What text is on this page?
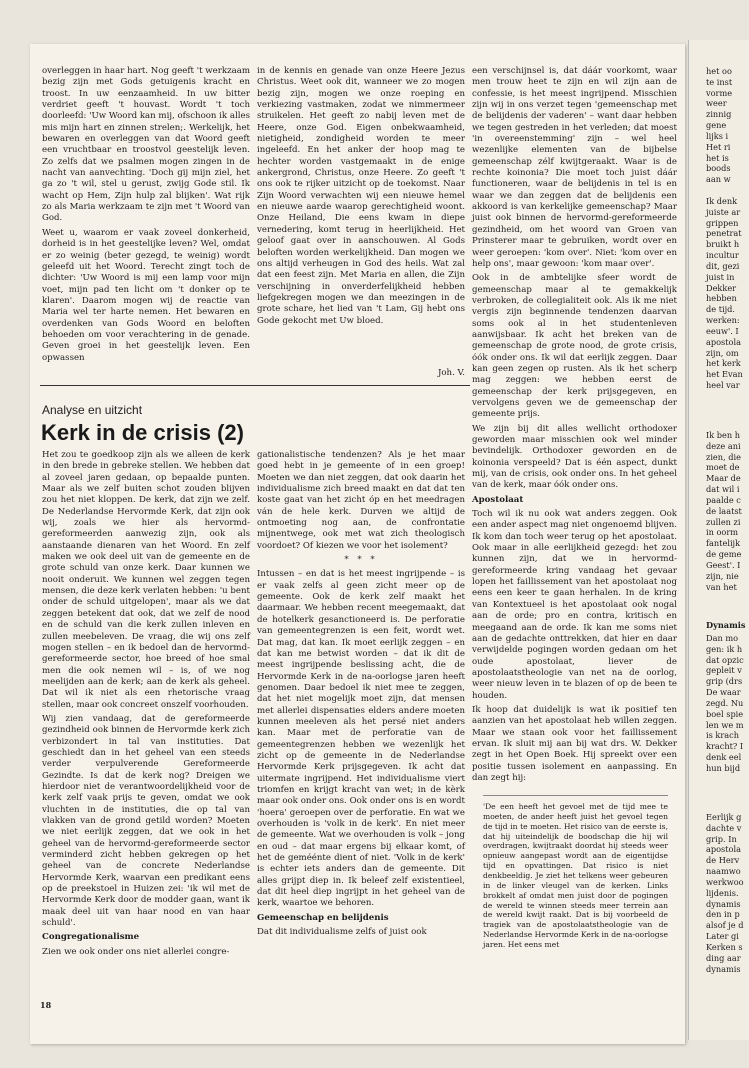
overleggen in haar hart. Nog geeft 't werkzaam bezig zijn met Gods getuigenis kracht en troost. In uw eenzaamheid. In uw bitter verdriet geeft 't houvast. Wordt 't toch doorleefd: 'Uw Woord kan mij, ofschoon ik alles mis mijn hart en zinnen strelen;. Werkelijk, het bewaren en overleggen van dat Woord geeft een vruchtbaar en troostvol geestelijk leven. Zo zelfs dat we psalmen mogen zingen in de nacht van aanvechting. 'Doch gij mijn ziel, het ga zo 't wil, stel u gerust, zwijg Gode stil. Ik wacht op Hem, Zijn hulp zal blijken'. Wat rijk zo als Maria werkzaam te zijn met 't Woord van God.

Weet u, waarom er vaak zoveel donkerheid, dorheid is in het geestelijke leven? Wel, omdat er zo weinig (beter gezegd, te weinig) wordt geleefd uit het Woord. Terecht zingt toch de dichter: 'Uw Woord is mij een lamp voor mijn voet, mijn pad ten licht om 't donker op te klaren'. Daarom mogen wij de reactie van Maria wel ter harte nemen. Het bewaren en overdenken van Gods Woord en beloften behoeden om voor verachtering in de genade. Geven groei in het geestelijk leven. Een opwassen

in de kennis en genade van onze Heere Jezus Christus. Weet ook dit, wanneer we zo mogen bezig zijn, mogen we onze roeping en verkiezing vastmaken, zodat we nimmermeer struikelen. Het geeft zo nabij leven met de Heere, onze God. Eigen onbekwaamheid, nietigheid, zondigheid worden te meer ingeleefd. En het anker der hoop mag te hechter worden vastgemaakt in de enige ankergrond, Christus, onze Heere. Zo geeft 't ons ook te rijker uitzicht op de toekomst. Naar Zijn Woord verwachten wij een nieuwe hemel en nieuwe aarde waarop gerechtigheid woont. Onze Heiland, Die eens kwam in diepe vernedering, komt terug in heerlijkheid. Het geloof gaat over in aanschouwen. Al Gods beloften worden werkelijkheid. Dan mogen we ons altijd verheugen in God des heils. Wat zal dat een feest zijn. Met Maria en allen, die Zijn verschijning in onverderfelijkheid hebben liefgekregen mogen we dan meezingen in de grote schare, het lied van 't Lam, Gij hebt ons Gode gekocht met Uw bloed.

Joh. V.
Analyse en uitzicht
Kerk in de crisis (2)

Het zou te goedkoop zijn als we alleen de kerk in den brede in gebreke stellen. We hebben dat al zoveel jaren gedaan, op bepaalde punten. Maar als we zelf buiten schot zouden blijven zou het niet kloppen. De kerk, dat zijn we zelf. De Nederlandse Hervormde Kerk, dat zijn ook wij, zoals we hier als hervormd-gereformeerden aanwezig zijn, ook als aanstaande dienaren van het Woord. En zelf maken we ook deel uit van de gemeente en de grote schuld van onze kerk. Daar kunnen we nooit onderuit. We kunnen wel zeggen tegen mensen, die deze kerk verlaten hebben: 'u bent onder de schuld uitgelopen', maar als we dat zeggen betekent dat ook, dat we zelf de nood en de schuld van die kerk zullen inleven en zullen meebeleven. De vraag, die wij ons zelf mogen stellen – en ik bedoel dan de hervormd-gereformeerde sector, hoe breed of hoe smal men die ook nemen wil – is, of we nog meelijden aan de kerk; aan de kerk als geheel. Dat wil ik niet als een rhetorische vraag stellen, maar ook concreet onszelf voorhouden.

Wij zien vandaag, dat de gereformeerde gezindheid ook binnen de Hervormde kerk zich verbizondert in tal van instituties. Dat geschiedt dan in het geheel van een steeds verder verpulverende Gereformeerde Gezindte. Is dat de kerk nog? Dreigen we hierdoor niet de verantwoordelijkheid voor de kerk zelf vaak prijs te geven, omdat we ook vluchten in de instituties, die op tal van vlakken van de grond getild worden? Moeten we niet eerlijk zeggen, dat we ook in het geheel van de hervormd-gereformeerde sector verminderd zicht hebben gekregen op het geheel van de concrete Nederlandse Hervormde Kerk, waarvan een predikant eens op de preekstoel in Huizen zei: 'ik wil met de Hervormde Kerk door de modder gaan, want ik maak deel uit van haar nood en van haar schuld'.

Congregationalisme

Zien we ook onder ons niet allerlei congre-

gationalistische tendenzen? Als je het maar goed hebt in je gemeente of in een groep! Moeten we dan niet zeggen, dat ook daarin het individualisme zich breed maakt en dat dat ten koste gaat van het zicht óp en het meedragen ván de hele kerk. Durven we altijd de ontmoeting nog aan, de confrontatie mijnentwege, ook met wat zich theologisch voordoet? Of kiezen we voor het isolement?

* * *

Intussen – en dat is het meest ingrijpende – is er vaak zelfs al geen zicht meer op de gemeente. Ook de kerk zelf maakt het daarmaar. We hebben recent meegemaakt, dat de hotelkerk gesanctioneerd is. De perforatie van gemeentegrenzen is een feit, wordt wet. Dat mag, dat kan. Ik moet eerlijk zeggen – en dat kan me betwist worden – dat ik dit de meest ingrijpende beslissing acht, die de Hervormde Kerk in de na-oorlogse jaren heeft genomen. Daar bedoel ik niet mee te zeggen, dat het niet mogelijk moet zijn, dat mensen met allerlei dispensaties elders andere moeten kunnen meeleven als het persé niet anders kan. Maar met de perforatie van de gemeentegrenzen hebben we wezenlijk het zicht op de gemeente in de Nederlandse Hervormde Kerk prijsgegeven. Ik acht dat uitermate ingrijpend. Het individualisme viert triomfen en krijgt kracht van wet; in de kèrk maar ook onder ons. Ook onder ons is en wordt 'hoera' geroepen over de perforatie. En wat we overhouden is 'volk in de kerk'. En niet meer de gemeente. Wat we overhouden is volk – jong en oud – dat maar ergens bij elkaar komt, of het de geméénte dient of niet. 'Volk in de kerk' is echter iets anders dan de gemeente. Dit alles grijpt diep in. Ik beleef zelf existentieel, dat dit heel diep ingrijpt in het geheel van de kerk, waartoe we behoren.

Gemeenschap en belijdenis

Dat dit individualisme zelfs of juist ook

een verschijnsel is, dat dáár voorkomt, waar men trouw heet te zijn en wil zijn aan de confessie, is het meest ingrijpend. Misschien zijn wij in ons verzet tegen 'gemeenschap met de belijdenis der vaderen' – want daar hebben we tegen gestreden in het verleden; dat moest 'in overeenstemming' zijn – wel heel wezenlijke elementen van de bijbelse gemeenschap zélf kwijtgeraakt. Waar is de rechte koinonia? Die moet toch juist dáár functioneren, waar de belijdenis in tel is en waar we dan zeggen dat de belijdenis een akkoord is van kerkelijke gemeenschap? Maar juist ook binnen de hervormd-gereformeerde gezindheid, om het woord van Groen van Prinsterer maar te gebruiken, wordt over en weer geroepen: 'kom over'. Niet: 'kom over en help ons', maar gewoon: 'kom maar over'.

Ook in de ambtelijke sfeer wordt de gemeenschap maar al te gemakkelijk verbroken, de collegialiteit ook. Als ik me niet vergis zijn beginnende tendenzen daarvan soms ook al in het studentenleven aanwijsbaar. Ik acht het breken van de gemeenschap de grote nood, de grote crisis, óók onder ons. Ik wil dat eerlijk zeggen. Daar kan geen zegen op rusten. Als ik het scherp mag zeggen: we hebben eerst de gemeenschap der kerk prijsgegeven, en vervolgens geven we de gemeenschap der gemeente prijs.

We zijn bij dit alles wellicht orthodoxer geworden maar misschien ook wel minder bevindelijk. Orthodoxer geworden en de koinonia verspeeld? Dat is één aspect, dunkt mij, van de crisis, ook onder ons. In het geheel van de kerk, maar óók onder ons.

Apostolaat

Toch wil ik nu ook wat anders zeggen. Ook een ander aspect mag niet ongenoemd blijven. Ik kom dan toch weer terug op het apostolaat. Ook maar in alle eerlijkheid gezegd: het zou kunnen zijn, dat we in hervormd-gereformeerde kring vandaag het gevaar lopen het faillissement van het apostolaat nog eens een keer te gaan herhalen. In de kring van Kontextueel is het apostolaat ook nogal aan de orde; pro en contra, kritisch en meegaand aan de orde. Ik kan me soms niet aan de gedachte onttrekken, dat hier en daar verwijdelde pogingen worden gedaan om het oude apostolaat, liever de apostolaatstheologie van net na de oorlog, weer nieuw leven in te blazen of op de been te houden.

Ik hoop dat duidelijk is wat ik positief ten aanzien van het apostolaat heb willen zeggen. Maar we staan ook voor het faillissement ervan. Ik sluit mij aan bij wat drs. W. Dekker zegt in het Open Boek. Hij spreekt over een positie tussen isolement en aanpassing. En dan zegt hij:

'De een heeft het gevoel met de tijd mee te moeten, de ander heeft juist het gevoel tegen de tijd in te moeten. Het risico van de eerste is, dat hij uiteindelijk de boodschap die hij wil overdragen, kwijtraakt doordat hij steeds weer opnieuw aangepast wordt aan de eigentijdse tijd en opvattingen. Dat risico is niet denkbeeldig. Je ziet het telkens weer gebeuren in de linker vleugel van de kerken. Links brokkelt af omdat men juist door de pogingen de wereld te winnen steeds meer terrein aan de wereld kwijt raakt. Dat is bij voorbeeld de tragiek van de apostolaatstheologie van de Nederlandse Hervormde Kerk in de na-oorlogse jaren. Het eens met
18
het oo
te inst
vorme
weer
zinnig
gene
lijks i
Het ri
het is
boods
aan w
Ik denk
juiste ar
grippen
penetrat
bruikt h
incultur
dit, gezi
juist in
Dekker
hebben
de tijd.
werken:
eeuw'. I
apostola
zijn, om
het kerk
het Evan
heel var
Ik ben h
deze ani
zien, die
moet de
Maar de
dat wil i
paalde c
de laatst
zullen zi
in oorm
fantelijk
de geme
Geest'. I
zijn, nie
van het
Dynamis
Dan mo
gen: ik h
dat opzic
gepleit v
grip (drs
De waar
zegd. Nu
boel spie
len we m
is krach
kracht? I
denk eel
hun bijd
Eerlijk g
dachte v
grip. In
apostola
de Herv
naamwo
werkwoo
lijdenis.
dynamis
den in p
alsof je d
Later gi
Kerken s
ding aar
dynamis
